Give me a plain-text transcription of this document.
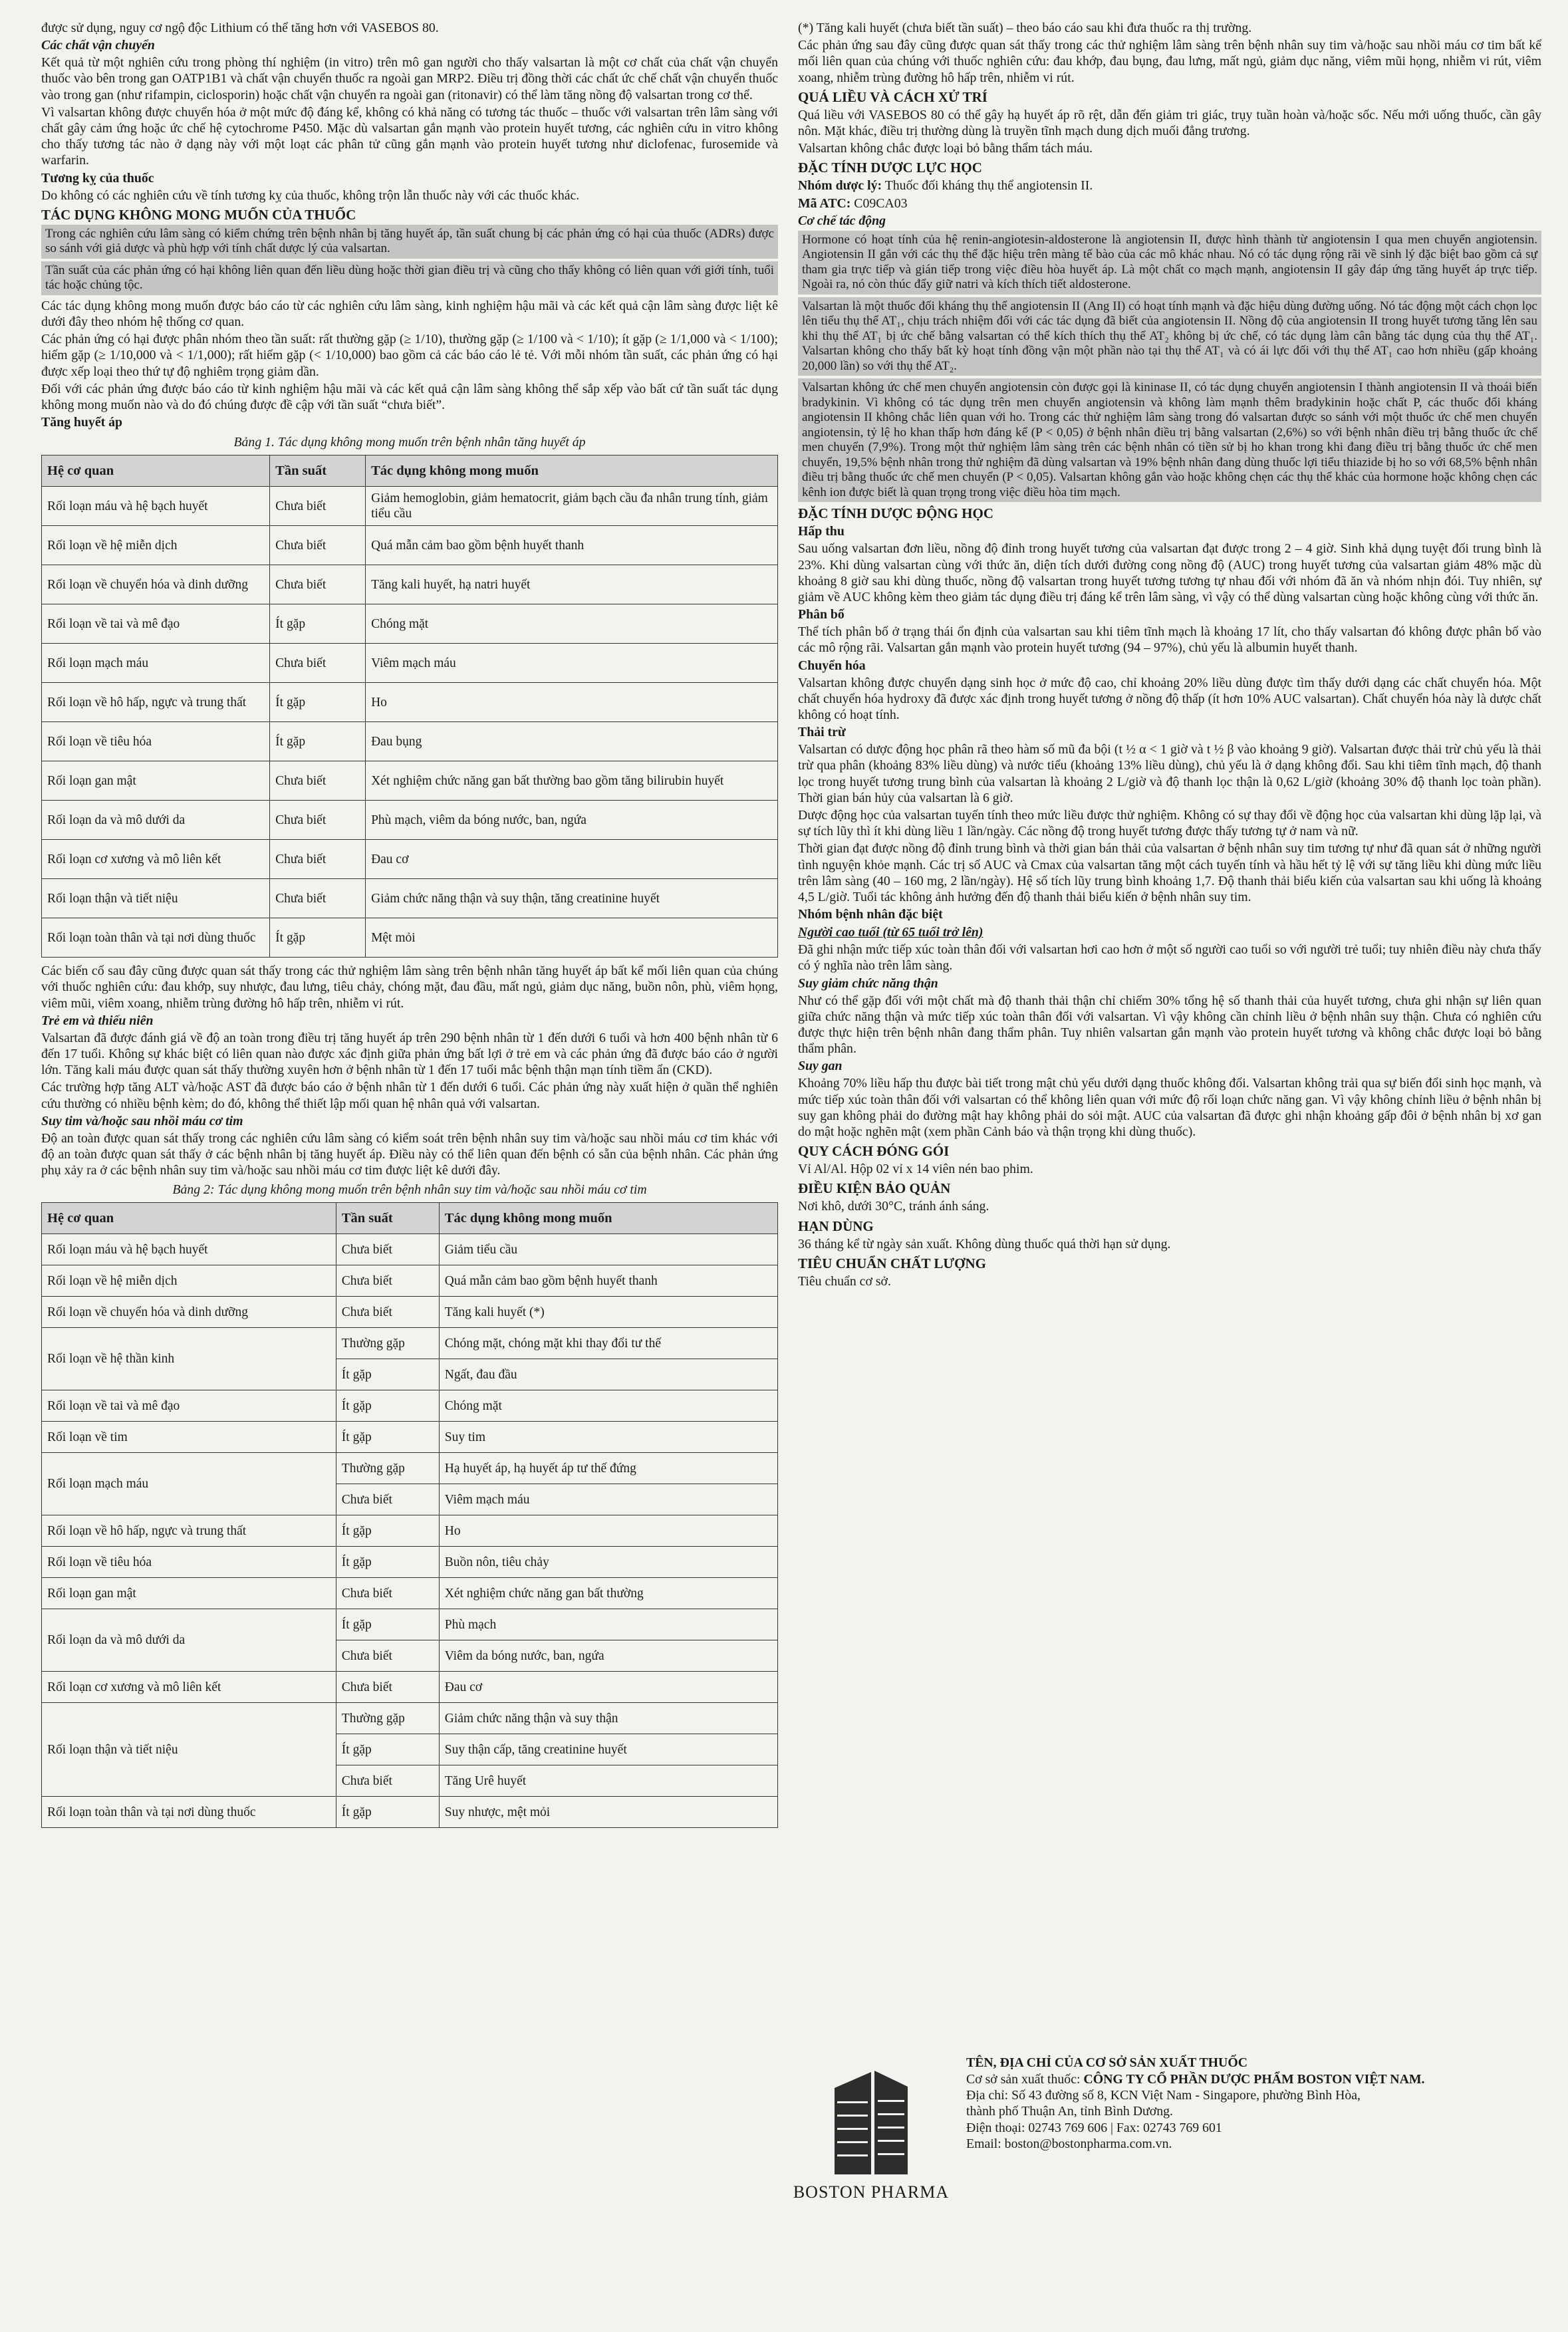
được sử dụng, nguy cơ ngộ độc Lithium có thể tăng hơn với VASEBOS 80.

Các chất vận chuyển

Kết quả từ một nghiên cứu trong phòng thí nghiệm (in vitro) trên mô gan người cho thấy valsartan là một cơ chất của chất vận chuyển thuốc vào bên trong gan OATP1B1 và chất vận chuyển thuốc ra ngoài gan MRP2. Điều trị đồng thời các chất ức chế chất vận chuyển thuốc vào trong gan (như rifampin, ciclosporin) hoặc chất vận chuyển ra ngoài gan (ritonavir) có thể làm tăng nồng độ valsartan trong cơ thể.

Vì valsartan không được chuyển hóa ở một mức độ đáng kể, không có khả năng có tương tác thuốc – thuốc với valsartan trên lâm sàng với chất gây cảm ứng hoặc ức chế hệ cytochrome P450. Mặc dù valsartan gắn mạnh vào protein huyết tương, các nghiên cứu in vitro không cho thấy tương tác nào ở dạng này với một loạt các phân tử cũng gắn mạnh vào protein huyết tương như diclofenac, furosemide và warfarin.

Tương kỵ của thuốc

Do không có các nghiên cứu về tính tương kỵ của thuốc, không trộn lẫn thuốc này với các thuốc khác.

TÁC DỤNG KHÔNG MONG MUỐN CỦA THUỐC
Trong các nghiên cứu lâm sàng có kiểm chứng trên bệnh nhân bị tăng huyết áp, tần suất chung bị các phản ứng có hại của thuốc (ADRs) được so sánh với giả dược và phù hợp với tính chất dược lý của valsartan.
Tần suất của các phản ứng có hại không liên quan đến liều dùng hoặc thời gian điều trị và cũng cho thấy không có liên quan với giới tính, tuổi tác hoặc chủng tộc.

Các tác dụng không mong muốn được báo cáo từ các nghiên cứu lâm sàng, kinh nghiệm hậu mãi và các kết quả cận lâm sàng được liệt kê dưới đây theo nhóm hệ thống cơ quan.

Các phản ứng có hại được phân nhóm theo tần suất: rất thường gặp (≥ 1/10), thường gặp (≥ 1/100 và < 1/10); ít gặp (≥ 1/1,000 và < 1/100); hiếm gặp (≥ 1/10,000 và < 1/1,000); rất hiếm gặp (< 1/10,000) bao gồm cả các báo cáo lẻ tẻ. Với mỗi nhóm tần suất, các phản ứng có hại được xếp loại theo thứ tự độ nghiêm trọng giảm dần.

Đối với các phản ứng được báo cáo từ kinh nghiệm hậu mãi và các kết quả cận lâm sàng không thể sắp xếp vào bất cứ tần suất tác dụng không mong muốn nào và do đó chúng được đề cập với tần suất “chưa biết”.

Tăng huyết áp
Bảng 1. Tác dụng không mong muốn trên bệnh nhân tăng huyết áp
Hệ cơ quan	Tần suất	Tác dụng không mong muốn
Rối loạn máu và hệ bạch huyết	Chưa biết	Giảm hemoglobin, giảm hematocrit, giảm bạch cầu đa nhân trung tính, giảm tiểu cầu
Rối loạn về hệ miễn dịch	Chưa biết	Quá mẫn cảm bao gồm bệnh huyết thanh
Rối loạn về chuyển hóa và dinh dưỡng	Chưa biết	Tăng kali huyết, hạ natri huyết
Rối loạn về tai và mê đạo	Ít gặp	Chóng mặt
Rối loạn mạch máu	Chưa biết	Viêm mạch máu
Rối loạn về hô hấp, ngực và trung thất	Ít gặp	Ho
Rối loạn về tiêu hóa	Ít gặp	Đau bụng
Rối loạn gan mật	Chưa biết	Xét nghiệm chức năng gan bất thường bao gồm tăng bilirubin huyết
Rối loạn da và mô dưới da	Chưa biết	Phù mạch, viêm da bóng nước, ban, ngứa
Rối loạn cơ xương và mô liên kết	Chưa biết	Đau cơ
Rối loạn thận và tiết niệu	Chưa biết	Giảm chức năng thận và suy thận, tăng creatinine huyết
Rối loạn toàn thân và tại nơi dùng thuốc	Ít gặp	Mệt mỏi

Các biến cố sau đây cũng được quan sát thấy trong các thử nghiệm lâm sàng trên bệnh nhân tăng huyết áp bất kể mối liên quan của chúng với thuốc nghiên cứu: đau khớp, suy nhược, đau lưng, tiêu chảy, chóng mặt, đau đầu, mất ngủ, giảm dục năng, buồn nôn, phù, viêm họng, viêm mũi, viêm xoang, nhiễm trùng đường hô hấp trên, nhiễm vi rút.

Trẻ em và thiếu niên

Valsartan đã được đánh giá về độ an toàn trong điều trị tăng huyết áp trên 290 bệnh nhân từ 1 đến dưới 6 tuổi và hơn 400 bệnh nhân từ 6 đến 17 tuổi. Không sự khác biệt có liên quan nào được xác định giữa phản ứng bất lợi ở trẻ em và các phản ứng đã được báo cáo ở người lớn. Tăng kali máu được quan sát thấy thường xuyên hơn ở bệnh nhân từ 1 đến 17 tuổi mắc bệnh thận mạn tính tiềm ẩn (CKD).

Các trường hợp tăng ALT và/hoặc AST đã được báo cáo ở bệnh nhân từ 1 đến dưới 6 tuổi. Các phản ứng này xuất hiện ở quần thể nghiên cứu thường có nhiều bệnh kèm; do đó, không thể thiết lập mối quan hệ nhân quả với valsartan.

Suy tim và/hoặc sau nhồi máu cơ tim

Độ an toàn được quan sát thấy trong các nghiên cứu lâm sàng có kiểm soát trên bệnh nhân suy tim và/hoặc sau nhồi máu cơ tim khác với độ an toàn được quan sát thấy ở các bệnh nhân bị tăng huyết áp. Điều này có thể liên quan đến bệnh có sẵn của bệnh nhân. Các phản ứng phụ xảy ra ở các bệnh nhân suy tim và/hoặc sau nhồi máu cơ tim được liệt kê dưới đây.

Bảng 2: Tác dụng không mong muốn trên bệnh nhân suy tim và/hoặc sau nhồi máu cơ tim
Hệ cơ quan	Tần suất	Tác dụng không mong muốn
Rối loạn máu và hệ bạch huyết	Chưa biết	Giảm tiểu cầu
Rối loạn về hệ miễn dịch	Chưa biết	Quá mẫn cảm bao gồm bệnh huyết thanh
Rối loạn về chuyển hóa và dinh dưỡng	Chưa biết	Tăng kali huyết (*)
Rối loạn về hệ thần kinh	Thường gặp	Chóng mặt, chóng mặt khi thay đổi tư thế
	Ít gặp	Ngất, đau đầu
Rối loạn về tai và mê đạo	Ít gặp	Chóng mặt
Rối loạn về tim	Ít gặp	Suy tim
Rối loạn mạch máu	Thường gặp	Hạ huyết áp, hạ huyết áp tư thế đứng
	Chưa biết	Viêm mạch máu
Rối loạn về hô hấp, ngực và trung thất	Ít gặp	Ho
Rối loạn về tiêu hóa	Ít gặp	Buồn nôn, tiêu chảy
Rối loạn gan mật	Chưa biết	Xét nghiệm chức năng gan bất thường
Rối loạn da và mô dưới da	Ít gặp	Phù mạch
	Chưa biết	Viêm da bóng nước, ban, ngứa
Rối loạn cơ xương và mô liên kết	Chưa biết	Đau cơ
Rối loạn thận và tiết niệu	Thường gặp	Giảm chức năng thận và suy thận
	Ít gặp	Suy thận cấp, tăng creatinine huyết
	Chưa biết	Tăng Urê huyết
Rối loạn toàn thân và tại nơi dùng thuốc	Ít gặp	Suy nhược, mệt mỏi

(*) Tăng kali huyết (chưa biết tần suất) – theo báo cáo sau khi đưa thuốc ra thị trường.

Các phản ứng sau đây cũng được quan sát thấy trong các thử nghiệm lâm sàng trên bệnh nhân suy tim và/hoặc sau nhồi máu cơ tim bất kể mối liên quan của chúng với thuốc nghiên cứu: đau khớp, đau bụng, đau lưng, mất ngủ, giảm dục năng, viêm mũi họng, nhiễm vi rút, viêm xoang, nhiễm trùng đường hô hấp trên, nhiễm vi rút.

QUÁ LIỀU VÀ CÁCH XỬ TRÍ

Quá liều với VASEBOS 80 có thể gây hạ huyết áp rõ rệt, dẫn đến giảm tri giác, trụy tuần hoàn và/hoặc sốc. Nếu mới uống thuốc, cần gây nôn. Mặt khác, điều trị thường dùng là truyền tĩnh mạch dung dịch muối đẳng trương.

Valsartan không chắc được loại bỏ bằng thẩm tách máu.

ĐẶC TÍNH DƯỢC LỰC HỌC

Nhóm dược lý: Thuốc đối kháng thụ thể angiotensin II.

Mã ATC: C09CA03

Cơ chế tác động
Hormone có hoạt tính của hệ renin-angiotesin-aldosterone là angiotensin II, được hình thành từ angiotensin I qua men chuyển angiotensin. Angiotensin II gắn với các thụ thể đặc hiệu trên màng tế bào của các mô khác nhau. Nó có tác dụng rộng rãi về sinh lý đặc biệt bao gồm cả sự tham gia trực tiếp và gián tiếp trong việc điều hòa huyết áp. Là một chất co mạch mạnh, angiotensin II gây đáp ứng tăng huyết áp trực tiếp. Ngoài ra, nó còn thúc đẩy giữ natri và kích thích tiết aldosterone.
Valsartan là một thuốc đối kháng thụ thể angiotensin II (Ang II) có hoạt tính mạnh và đặc hiệu dùng đường uống. Nó tác động một cách chọn lọc lên tiểu thụ thể AT₁, chịu trách nhiệm đối với các tác dụng đã biết của angiotensin II. Nồng độ của angiotensin II trong huyết tương tăng lên sau khi thụ thể AT₁ bị ức chế bằng valsartan có thể kích thích thụ thể AT₂ không bị ức chế, có tác dụng làm cân bằng tác dụng của thụ thể AT₁. Valsartan không cho thấy bất kỳ hoạt tính đồng vận một phần nào tại thụ thể AT₁ và có ái lực đối với thụ thể AT₁ cao hơn nhiều (gấp khoảng 20,000 lần) so với thụ thể AT₂.
Valsartan không ức chế men chuyển angiotensin còn được gọi là kininase II, có tác dụng chuyển angiotensin I thành angiotensin II và thoái biến bradykinin. Vì không có tác dụng trên men chuyển angiotensin và không làm mạnh thêm bradykinin hoặc chất P, các thuốc đối kháng angiotensin II không chắc liên quan với ho. Trong các thử nghiệm lâm sàng trong đó valsartan được so sánh với một thuốc ức chế men chuyển angiotensin, tỷ lệ ho khan thấp hơn đáng kể (P < 0,05) ở bệnh nhân điều trị bằng valsartan (2,6%) so với bệnh nhân điều trị bằng thuốc ức chế men chuyển (7,9%). Trong một thử nghiệm lâm sàng trên các bệnh nhân có tiền sử bị ho khan trong khi đang điều trị bằng thuốc ức chế men chuyển, 19,5% bệnh nhân trong thử nghiệm đã dùng valsartan và 19% bệnh nhân đang dùng thuốc lợi tiểu thiazide bị ho so với 68,5% bệnh nhân điều trị bằng thuốc ức chế men chuyển (P < 0,05). Valsartan không gắn vào hoặc không chẹn các thụ thể khác của hormone hoặc không chẹn các kênh ion được biết là quan trọng trong việc điều hòa tim mạch.
ĐẶC TÍNH DƯỢC ĐỘNG HỌC
Hấp thu

Sau uống valsartan đơn liều, nồng độ đỉnh trong huyết tương của valsartan đạt được trong 2 – 4 giờ. Sinh khả dụng tuyệt đối trung bình là 23%. Khi dùng valsartan cùng với thức ăn, diện tích dưới đường cong nồng độ (AUC) trong huyết tương của valsartan giảm 48% mặc dù khoảng 8 giờ sau khi dùng thuốc, nồng độ valsartan trong huyết tương tương tự nhau đối với nhóm đã ăn và nhóm nhịn đói. Tuy nhiên, sự giảm về AUC không kèm theo giảm tác dụng điều trị đáng kể trên lâm sàng, vì vậy có thể dùng valsartan cùng hoặc không cùng với thức ăn.

Phân bố

Thể tích phân bố ở trạng thái ổn định của valsartan sau khi tiêm tĩnh mạch là khoảng 17 lít, cho thấy valsartan đó không được phân bố vào các mô rộng rãi. Valsartan gắn mạnh vào protein huyết tương (94 – 97%), chủ yếu là albumin huyết thanh.

Chuyển hóa

Valsartan không được chuyển dạng sinh học ở mức độ cao, chỉ khoảng 20% liều dùng được tìm thấy dưới dạng các chất chuyển hóa. Một chất chuyển hóa hydroxy đã được xác định trong huyết tương ở nồng độ thấp (ít hơn 10% AUC valsartan). Chất chuyển hóa này là dược chất không có hoạt tính.

Thải trừ

Valsartan có dược động học phân rã theo hàm số mũ đa bội (t ½ α < 1 giờ và t ½ β vào khoảng 9 giờ). Valsartan được thải trừ chủ yếu là thải trừ qua phân (khoảng 83% liều dùng) và nước tiểu (khoảng 13% liều dùng), chủ yếu là ở dạng không đổi. Sau khi tiêm tĩnh mạch, độ thanh lọc trong huyết tương trung bình của valsartan là khoảng 2 L/giờ và độ thanh lọc thận là 0,62 L/giờ (khoảng 30% độ thanh lọc toàn phần). Thời gian bán hủy của valsartan là 6 giờ.

Dược động học của valsartan tuyến tính theo mức liều được thử nghiệm. Không có sự thay đổi về động học của valsartan khi dùng lặp lại, và sự tích lũy thì ít khi dùng liều 1 lần/ngày. Các nồng độ trong huyết tương được thấy tương tự ở nam và nữ.

Thời gian đạt được nồng độ đỉnh trung bình và thời gian bán thải của valsartan ở bệnh nhân suy tim tương tự như đã quan sát ở những người tình nguyện khỏe mạnh. Các trị số AUC và Cmax của valsartan tăng một cách tuyến tính và hầu hết tỷ lệ với sự tăng liều khi dùng mức liều trên lâm sàng (40 – 160 mg, 2 lần/ngày). Hệ số tích lũy trung bình khoảng 1,7. Độ thanh thải biểu kiến của valsartan sau khi uống là khoảng 4,5 L/giờ. Tuổi tác không ảnh hưởng đến độ thanh thải biểu kiến ở bệnh nhân suy tim.

Nhóm bệnh nhân đặc biệt
Người cao tuổi (từ 65 tuổi trở lên)

Đã ghi nhận mức tiếp xúc toàn thân đối với valsartan hơi cao hơn ở một số người cao tuổi so với người trẻ tuổi; tuy nhiên điều này chưa thấy có ý nghĩa nào trên lâm sàng.

Suy giảm chức năng thận

Như có thể gặp đối với một chất mà độ thanh thải thận chỉ chiếm 30% tổng hệ số thanh thải của huyết tương, chưa ghi nhận sự liên quan giữa chức năng thận và mức tiếp xúc toàn thân đối với valsartan. Vì vậy không cần chỉnh liều ở bệnh nhân suy thận. Chưa có nghiên cứu được thực hiện trên bệnh nhân đang thẩm phân. Tuy nhiên valsartan gắn mạnh vào protein huyết tương và không chắc được loại bỏ bằng thẩm phân.

Suy gan

Khoảng 70% liều hấp thu được bài tiết trong mật chủ yếu dưới dạng thuốc không đổi. Valsartan không trải qua sự biến đổi sinh học mạnh, và mức tiếp xúc toàn thân đối với valsartan có thể không liên quan với mức độ rối loạn chức năng gan. Vì vậy không chỉnh liều ở bệnh nhân bị suy gan không phải do đường mật hay không phải do sỏi mật. AUC của valsartan đã được ghi nhận khoảng gấp đôi ở bệnh nhân bị xơ gan do mật hoặc nghẽn mật (xem phần Cảnh báo và thận trọng khi dùng thuốc).

QUY CÁCH ĐÓNG GÓI

Vỉ Al/Al. Hộp 02 vỉ x 14 viên nén bao phim.

ĐIỀU KIỆN BẢO QUẢN

Nơi khô, dưới 30°C, tránh ánh sáng.

HẠN DÙNG

36 tháng kể từ ngày sản xuất. Không dùng thuốc quá thời hạn sử dụng.

TIÊU CHUẨN CHẤT LƯỢNG

Tiêu chuẩn cơ sở.

BOSTON PHARMA

TÊN, ĐỊA CHỈ CỦA CƠ SỞ SẢN XUẤT THUỐC

Cơ sở sản xuất thuốc: CÔNG TY CỔ PHẦN DƯỢC PHẨM BOSTON VIỆT NAM.

Địa chỉ: Số 43 đường số 8, KCN Việt Nam - Singapore, phường Bình Hòa,

thành phố Thuận An, tỉnh Bình Dương.

Điện thoại: 02743 769 606 | Fax: 02743 769 601

Email: boston@bostonpharma.com.vn.
